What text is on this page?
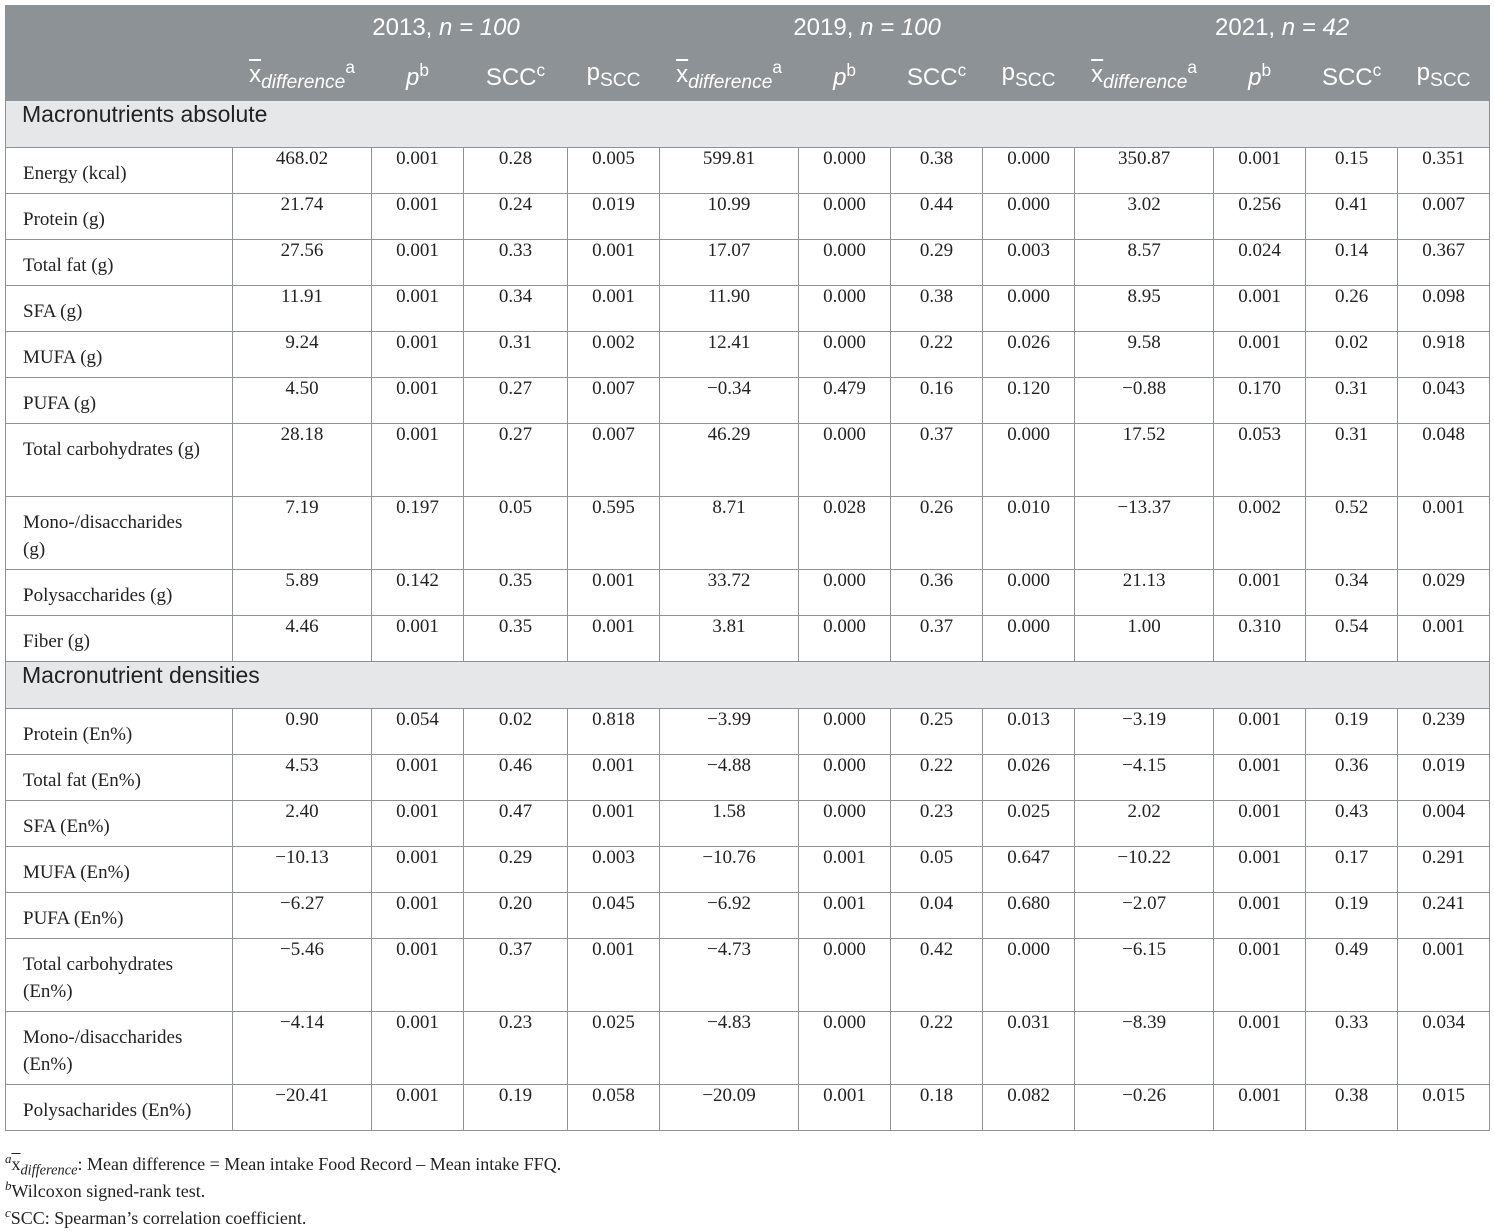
	2013, n = 100				2019, n = 100				2021, n = 42			
	$\overline{x}_{difference}^a$	$p^b$	SCC$^c$	$p_{SCC}$	$\overline{x}_{difference}^a$	$p^b$	SCC$^c$	$p_{SCC}$	$\overline{x}_{difference}^a$	$p^b$	SCC$^c$	$p_{SCC}$
Macronutrients absolute												
Energy (kcal)	468.02	0.001	0.28	0.005	599.81	0.000	0.38	0.000	350.87	0.001	0.15	0.351
Protein (g)	21.74	0.001	0.24	0.019	10.99	0.000	0.44	0.000	3.02	0.256	0.41	0.007
Total fat (g)	27.56	0.001	0.33	0.001	17.07	0.000	0.29	0.003	8.57	0.024	0.14	0.367
SFA (g)	11.91	0.001	0.34	0.001	11.90	0.000	0.38	0.000	8.95	0.001	0.26	0.098
MUFA (g)	9.24	0.001	0.31	0.002	12.41	0.000	0.22	0.026	9.58	0.001	0.02	0.918
PUFA (g)	4.50	0.001	0.27	0.007	−0.34	0.479	0.16	0.120	−0.88	0.170	0.31	0.043
Total carbohydrates (g)	28.18	0.001	0.27	0.007	46.29	0.000	0.37	0.000	17.52	0.053	0.31	0.048
Mono-/disaccharides (g)	7.19	0.197	0.05	0.595	8.71	0.028	0.26	0.010	−13.37	0.002	0.52	0.001
Polysaccharides (g)	5.89	0.142	0.35	0.001	33.72	0.000	0.36	0.000	21.13	0.001	0.34	0.029
Fiber (g)	4.46	0.001	0.35	0.001	3.81	0.000	0.37	0.000	1.00	0.310	0.54	0.001
Macronutrient densities												
Protein (En%)	0.90	0.054	0.02	0.818	−3.99	0.000	0.25	0.013	−3.19	0.001	0.19	0.239
Total fat (En%)	4.53	0.001	0.46	0.001	−4.88	0.000	0.22	0.026	−4.15	0.001	0.36	0.019
SFA (En%)	2.40	0.001	0.47	0.001	1.58	0.000	0.23	0.025	2.02	0.001	0.43	0.004
MUFA (En%)	−10.13	0.001	0.29	0.003	−10.76	0.001	0.05	0.647	−10.22	0.001	0.17	0.291
PUFA (En%)	−6.27	0.001	0.20	0.045	−6.92	0.001	0.04	0.680	−2.07	0.001	0.19	0.241
Total carbohydrates (En%)	−5.46	0.001	0.37	0.001	−4.73	0.000	0.42	0.000	−6.15	0.001	0.49	0.001
Mono-/disaccharides (En%)	−4.14	0.001	0.23	0.025	−4.83	0.000	0.22	0.031	−8.39	0.001	0.33	0.034
Polysacharides (En%)	−20.41	0.001	0.19	0.058	−20.09	0.001	0.18	0.082	−0.26	0.001	0.38	0.015
$^a\overline{x}_{difference}$: Mean difference = Mean intake Food Record – Mean intake FFQ.
$^b$Wilcoxon signed-rank test.
$^c$SCC: Spearman’s correlation coefficient.
